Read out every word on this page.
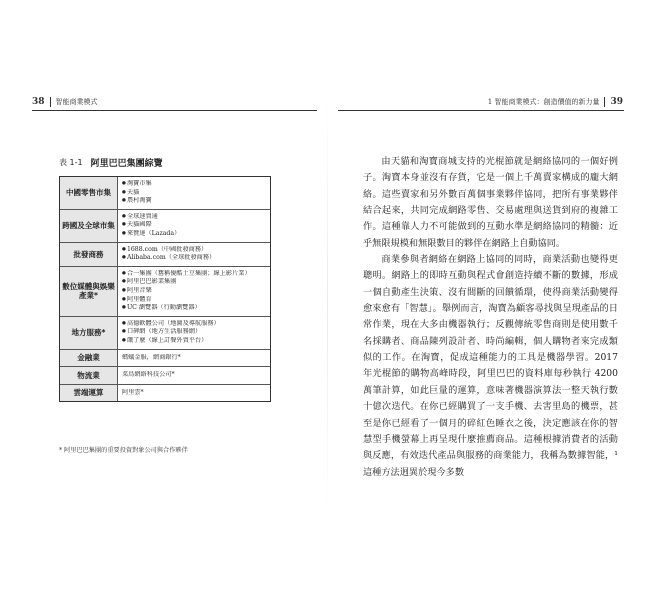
38 智能商業模式	1 智能商業模式：創造價值的新力量 39
表 1-1 阿里巴巴集團綜覽
中國零售市集
● 淘寶市集
● 天貓
● 農村淘寶
跨國及全球市集
● 全球速賣通
● 天貓國際
● 來贊達（Lazada）
批發商務
● 1688.com（中國批發商務）
● Alibaba.com（全球批發商務）
數位媒體與娛樂產業*
● 合一集團（舊稱優酷土豆集團；線上影片業）
● 阿里巴巴影業集團
● 阿里音樂
● 阿里體育
● UC 瀏覽器（行動瀏覽器）
地方服務*
● 高德軟體公司（地圖及導航服務）
● 口碑網（地方生活服務網）
● 餓了麼（線上訂餐外賣平台）
金融業	螞蟻金服，網商銀行*
物流業	菜鳥網絡科技公司*
雲端運算	阿里雲*
* 阿里巴巴集團的重要投資對象公司與合作夥伴

由天貓和淘寶商城支持的光棍節就是網絡協同的一個好例子。淘寶本身並沒有存貨，它是一個上千萬賣家構成的龐大網絡。這些賣家和另外數百萬個事業夥伴協同，把所有事業夥伴結合起來，共同完成網路零售、交易處理與送貨到府的複雜工作。這種靠人力不可能做到的互動水準是網絡協同的精髓：近乎無限規模和無限數目的夥伴在網路上自動協同。

商業參與者網絡在網路上協同的同時，商業活動也變得更聰明。網路上的即時互動與程式會創造持續不斷的數據，形成一個自動產生決策、沒有間斷的回饋循環，使得商業活動變得愈來愈有「智慧」。舉例而言，淘寶為顧客尋找與呈現產品的日常作業，現在大多由機器執行；反觀傳統零售商則是使用數千名採購者、商品陳列設計者、時尚編輯，個人購物者來完成類似的工作。在淘寶，促成這種能力的工具是機器學習。2017 年光棍節的購物高峰時段，阿里巴巴的資料庫每秒執行 4200 萬筆計算，如此巨量的運算，意味著機器演算法一整天執行數十億次迭代。在你已經購買了一支手機、去害里島的機票，甚至是你已經看了一個月的碎紅色睡衣之後，決定應該在你的智慧型手機螢幕上再呈現什麼推薦商品。這種根據消費者的活動與反應，有效迭代產品與服務的商業能力，我稱為數據智能，¹ 這種方法迥異於現今多數
